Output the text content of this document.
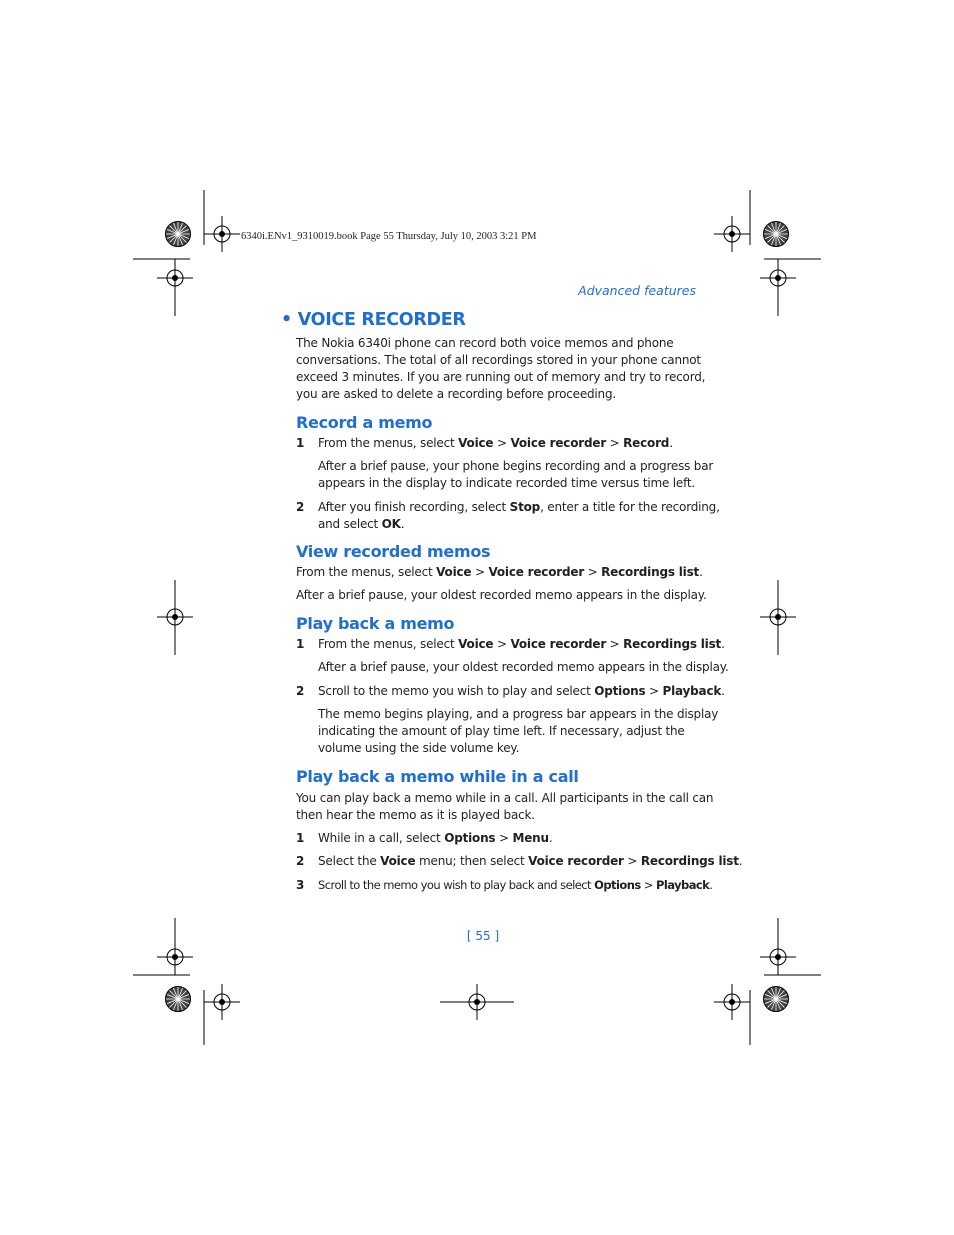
6340i.ENv1_9310019.book Page 55 Thursday, July 10, 2003 3:21 PM
Advanced features
• VOICE RECORDER
The Nokia 6340i phone can record both voice memos and phone
conversations. The total of all recordings stored in your phone cannot
exceed 3 minutes. If you are running out of memory and try to record,
you are asked to delete a recording before proceeding.
Record a memo
1 From the menus, select Voice > Voice recorder > Record.
After a brief pause, your phone begins recording and a progress bar
appears in the display to indicate recorded time versus time left.
2 After you finish recording, select Stop, enter a title for the recording,
and select OK.
View recorded memos
From the menus, select Voice > Voice recorder > Recordings list.
After a brief pause, your oldest recorded memo appears in the display.
Play back a memo
1 From the menus, select Voice > Voice recorder > Recordings list.
After a brief pause, your oldest recorded memo appears in the display.
2 Scroll to the memo you wish to play and select Options > Playback.
The memo begins playing, and a progress bar appears in the display
indicating the amount of play time left. If necessary, adjust the
volume using the side volume key.
Play back a memo while in a call
You can play back a memo while in a call. All participants in the call can
then hear the memo as it is played back.
1 While in a call, select Options > Menu.
2 Select the Voice menu; then select Voice recorder > Recordings list.
3 Scroll to the memo you wish to play back and select Options > Playback.
[ 55 ]
